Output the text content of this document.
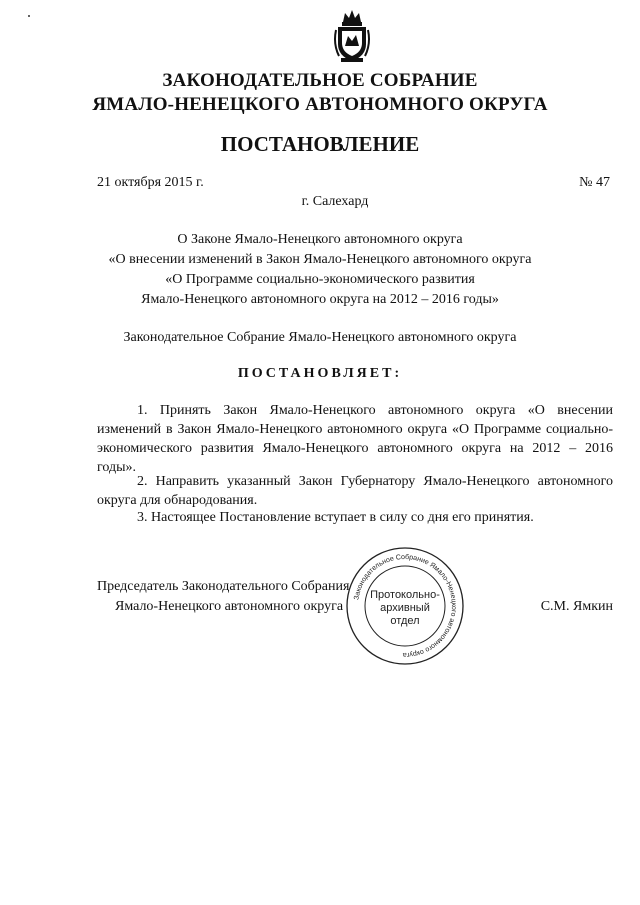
ЗАКОНОДАТЕЛЬНОЕ СОБРАНИЕ
ЯМАЛО-НЕНЕЦКОГО АВТОНОМНОГО ОКРУГА
ПОСТАНОВЛЕНИЕ
21 октября 2015 г.	№ 47
г. Салехард
О Законе Ямало-Ненецкого автономного округа
«О внесении изменений в Закон Ямало-Ненецкого автономного округа
«О Программе социально-экономического развития
Ямало-Ненецкого автономного округа на 2012 – 2016 годы»
Законодательное Собрание Ямало-Ненецкого автономного округа
ПОСТАНОВЛЯЕТ:
1. Принять Закон Ямало-Ненецкого автономного округа «О внесении изменений в Закон Ямало-Ненецкого автономного округа «О Программе социально-экономического развития Ямало-Ненецкого автономного округа на 2012 – 2016 годы».
2. Направить указанный Закон Губернатору Ямало-Ненецкого автономного округа для обнародования.
3. Настоящее Постановление вступает в силу со дня его принятия.
Председатель Законодательного Собрания
Ямало-Ненецкого автономного округа	С.М. Ямкин
Законодательное Собрание Ямало-Ненецкого автономного округа
Протокольно-
архивный
отдел
